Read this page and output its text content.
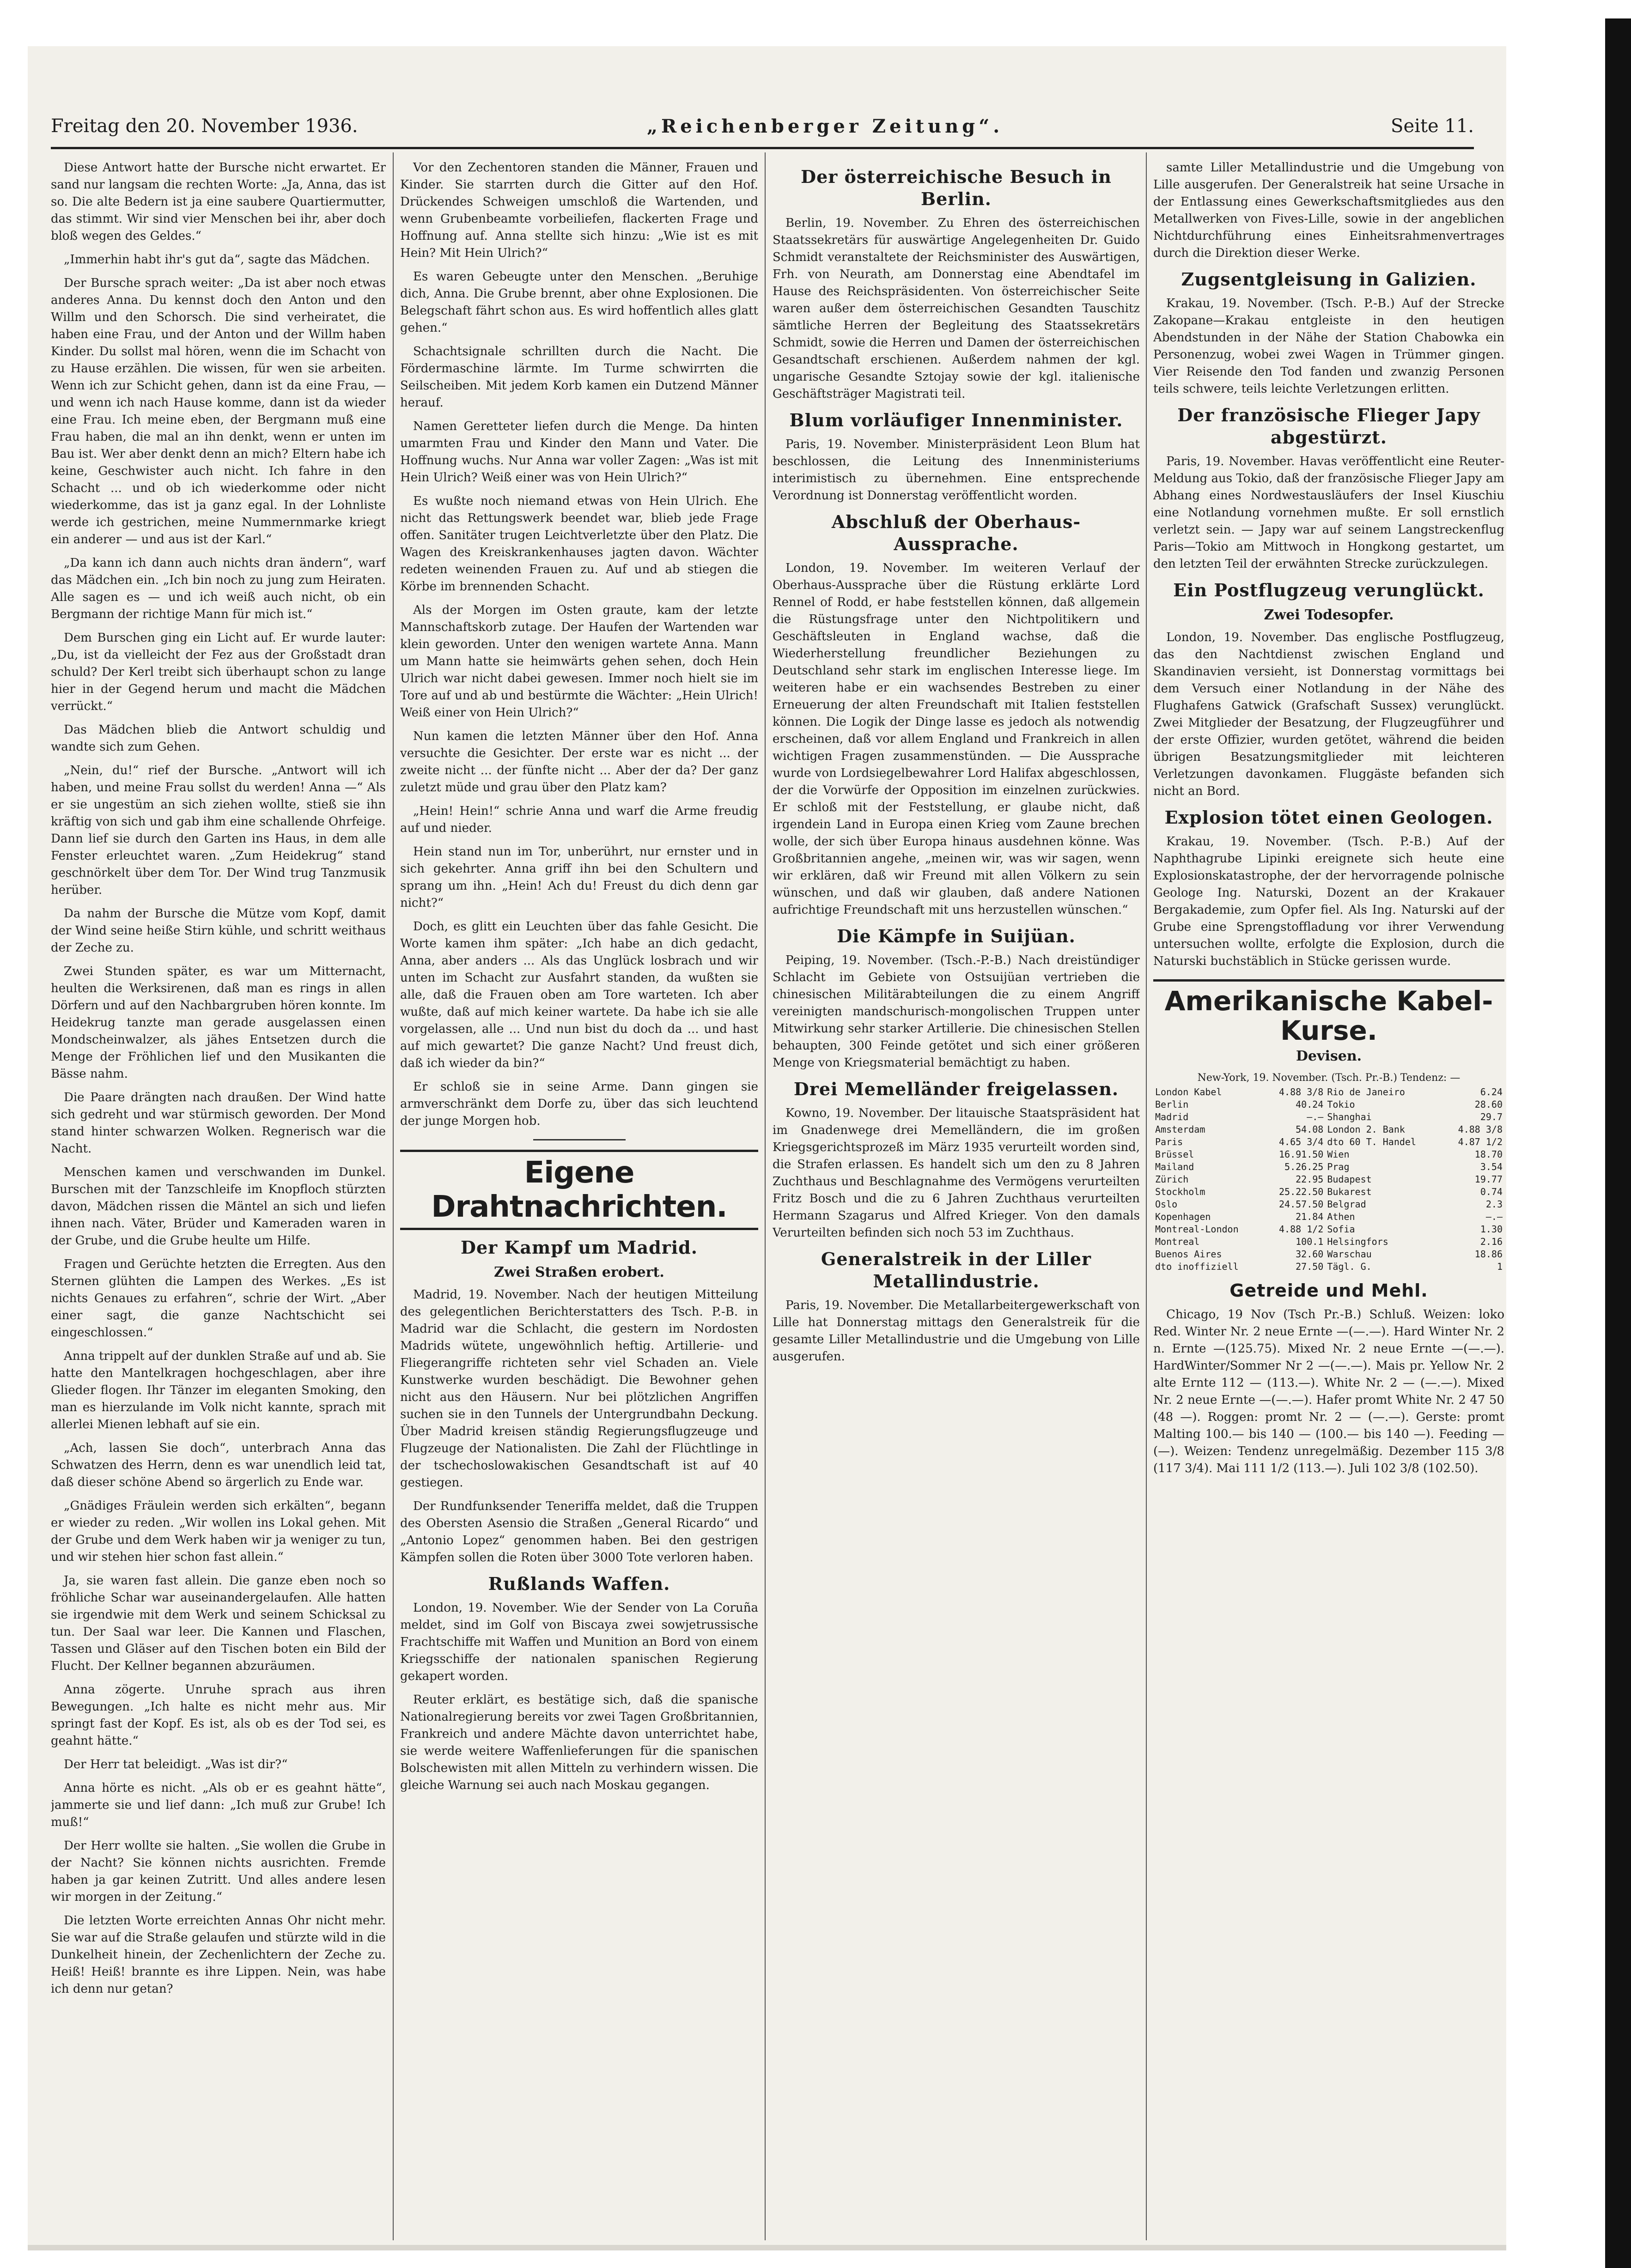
Freitag den 20. November 1936.	„Reichenberger Zeitung“.	Seite 11.

Diese Antwort hatte der Bursche nicht erwartet. Er sand nur langsam die rechten Worte: „Ja, Anna, das ist so. Die alte Bedern ist ja eine saubere Quartiermutter, das stimmt. Wir sind vier Menschen bei ihr, aber doch bloß wegen des Geldes.“

„Immerhin habt ihr's gut da“, sagte das Mädchen.

Der Bursche sprach weiter: „Da ist aber noch etwas anderes Anna. Du kennst doch den Anton und den Willm und den Schorsch. Die sind verheiratet, die haben eine Frau, und der Anton und der Willm haben Kinder. Du sollst mal hören, wenn die im Schacht von zu Hause erzählen. Die wissen, für wen sie arbeiten. Wenn ich zur Schicht gehen, dann ist da eine Frau, — und wenn ich nach Hause komme, dann ist da wieder eine Frau. Ich meine eben, der Bergmann muß eine Frau haben, die mal an ihn denkt, wenn er unten im Bau ist. Wer aber denkt denn an mich? Eltern habe ich keine, Geschwister auch nicht. Ich fahre in den Schacht ... und ob ich wiederkomme oder nicht wiederkomme, das ist ja ganz egal. In der Lohnliste werde ich gestrichen, meine Nummernmarke kriegt ein anderer — und aus ist der Karl.“

„Da kann ich dann auch nichts dran ändern“, warf das Mädchen ein. „Ich bin noch zu jung zum Heiraten. Alle sagen es — und ich weiß auch nicht, ob ein Bergmann der richtige Mann für mich ist.“

Dem Burschen ging ein Licht auf. Er wurde lauter: „Du, ist da vielleicht der Fez aus der Großstadt dran schuld? Der Kerl treibt sich überhaupt schon zu lange hier in der Gegend herum und macht die Mädchen verrückt.“

Das Mädchen blieb die Antwort schuldig und wandte sich zum Gehen.

„Nein, du!“ rief der Bursche. „Antwort will ich haben, und meine Frau sollst du werden! Anna —“ Als er sie ungestüm an sich ziehen wollte, stieß sie ihn kräftig von sich und gab ihm eine schallende Ohrfeige. Dann lief sie durch den Garten ins Haus, in dem alle Fenster erleuchtet waren. „Zum Heidekrug“ stand geschnörkelt über dem Tor. Der Wind trug Tanzmusik herüber.

Da nahm der Bursche die Mütze vom Kopf, damit der Wind seine heiße Stirn kühle, und schritt weithaus der Zeche zu.

Zwei Stunden später, es war um Mitternacht, heulten die Werksirenen, daß man es rings in allen Dörfern und auf den Nachbargruben hören konnte. Im Heidekrug tanzte man gerade ausgelassen einen Mondscheinwalzer, als jähes Entsetzen durch die Menge der Fröhlichen lief und den Musikanten die Bässe nahm.

Die Paare drängten nach draußen. Der Wind hatte sich gedreht und war stürmisch geworden. Der Mond stand hinter schwarzen Wolken. Regnerisch war die Nacht.

Menschen kamen und verschwanden im Dunkel. Burschen mit der Tanzschleife im Knopfloch stürzten davon, Mädchen rissen die Mäntel an sich und liefen ihnen nach. Väter, Brüder und Kameraden waren in der Grube, und die Grube heulte um Hilfe.

Fragen und Gerüchte hetzten die Erregten. Aus den Sternen glühten die Lampen des Werkes. „Es ist nichts Genaues zu erfahren“, schrie der Wirt. „Aber einer sagt, die ganze Nachtschicht sei eingeschlossen.“

Anna trippelt auf der dunklen Straße auf und ab. Sie hatte den Mantelkragen hochgeschlagen, aber ihre Glieder flogen. Ihr Tänzer im eleganten Smoking, den man es hierzulande im Volk nicht kannte, sprach mit allerlei Mienen lebhaft auf sie ein.

„Ach, lassen Sie doch“, unterbrach Anna das Schwatzen des Herrn, denn es war unendlich leid tat, daß dieser schöne Abend so ärgerlich zu Ende war.

„Gnädiges Fräulein werden sich erkälten“, begann er wieder zu reden. „Wir wollen ins Lokal gehen. Mit der Grube und dem Werk haben wir ja weniger zu tun, und wir stehen hier schon fast allein.“

Ja, sie waren fast allein. Die ganze eben noch so fröhliche Schar war auseinandergelaufen. Alle hatten sie irgendwie mit dem Werk und seinem Schicksal zu tun. Der Saal war leer. Die Kannen und Flaschen, Tassen und Gläser auf den Tischen boten ein Bild der Flucht. Der Kellner begannen abzuräumen.

Anna zögerte. Unruhe sprach aus ihren Bewegungen. „Ich halte es nicht mehr aus. Mir springt fast der Kopf. Es ist, als ob es der Tod sei, es geahnt hätte.“

Der Herr tat beleidigt. „Was ist dir?“

Anna hörte es nicht. „Als ob er es geahnt hätte“, jammerte sie und lief dann: „Ich muß zur Grube! Ich muß!“

Der Herr wollte sie halten. „Sie wollen die Grube in der Nacht? Sie können nichts ausrichten. Fremde haben ja gar keinen Zutritt. Und alles andere lesen wir morgen in der Zeitung.“

Die letzten Worte erreichten Annas Ohr nicht mehr. Sie war auf die Straße gelaufen und stürzte wild in die Dunkelheit hinein, der Zechenlichtern der Zeche zu. Heiß! Heiß! brannte es ihre Lippen. Nein, was habe ich denn nur getan?

Vor den Zechentoren standen die Männer, Frauen und Kinder. Sie starrten durch die Gitter auf den Hof. Drückendes Schweigen umschloß die Wartenden, und wenn Grubenbeamte vorbeiliefen, flackerten Frage und Hoffnung auf. Anna stellte sich hinzu: „Wie ist es mit Hein? Mit Hein Ulrich?“

Es waren Gebeugte unter den Menschen. „Beruhige dich, Anna. Die Grube brennt, aber ohne Explosionen. Die Belegschaft fährt schon aus. Es wird hoffentlich alles glatt gehen.“

Schachtsignale schrillten durch die Nacht. Die Fördermaschine lärmte. Im Turme schwirrten die Seilscheiben. Mit jedem Korb kamen ein Dutzend Männer herauf.

Namen Geretteter liefen durch die Menge. Da hinten umarmten Frau und Kinder den Mann und Vater. Die Hoffnung wuchs. Nur Anna war voller Zagen: „Was ist mit Hein Ulrich? Weiß einer was von Hein Ulrich?“

Es wußte noch niemand etwas von Hein Ulrich. Ehe nicht das Rettungswerk beendet war, blieb jede Frage offen. Sanitäter trugen Leichtverletzte über den Platz. Die Wagen des Kreiskrankenhauses jagten davon. Wächter redeten weinenden Frauen zu. Auf und ab stiegen die Körbe im brennenden Schacht.

Als der Morgen im Osten graute, kam der letzte Mannschaftskorb zutage. Der Haufen der Wartenden war klein geworden. Unter den wenigen wartete Anna. Mann um Mann hatte sie heimwärts gehen sehen, doch Hein Ulrich war nicht dabei gewesen. Immer noch hielt sie im Tore auf und ab und bestürmte die Wächter: „Hein Ulrich! Weiß einer von Hein Ulrich?“

Nun kamen die letzten Männer über den Hof. Anna versuchte die Gesichter. Der erste war es nicht ... der zweite nicht ... der fünfte nicht ... Aber der da? Der ganz zuletzt müde und grau über den Platz kam?

„Hein! Hein!“ schrie Anna und warf die Arme freudig auf und nieder.

Hein stand nun im Tor, unberührt, nur ernster und in sich gekehrter. Anna griff ihn bei den Schultern und sprang um ihn. „Hein! Ach du! Freust du dich denn gar nicht?“

Doch, es glitt ein Leuchten über das fahle Gesicht. Die Worte kamen ihm später: „Ich habe an dich gedacht, Anna, aber anders ... Als das Unglück losbrach und wir unten im Schacht zur Ausfahrt standen, da wußten sie alle, daß die Frauen oben am Tore warteten. Ich aber wußte, daß auf mich keiner wartete. Da habe ich sie alle vorgelassen, alle ... Und nun bist du doch da ... und hast auf mich gewartet? Die ganze Nacht? Und freust dich, daß ich wieder da bin?“

Er schloß sie in seine Arme. Dann gingen sie armverschränkt dem Dorfe zu, über das sich leuchtend der junge Morgen hob.

Eigene Drahtnachrichten.
Der Kampf um Madrid.
Zwei Straßen erobert.

Madrid, 19. November. Nach der heutigen Mitteilung des gelegentlichen Berichterstatters des Tsch. P.-B. in Madrid war die Schlacht, die gestern im Nordosten Madrids wütete, ungewöhnlich heftig. Artillerie- und Fliegerangriffe richteten sehr viel Schaden an. Viele Kunstwerke wurden beschädigt. Die Bewohner gehen nicht aus den Häusern. Nur bei plötzlichen Angriffen suchen sie in den Tunnels der Untergrundbahn Deckung. Über Madrid kreisen ständig Regierungsflugzeuge und Flugzeuge der Nationalisten. Die Zahl der Flüchtlinge in der tschechoslowakischen Gesandtschaft ist auf 40 gestiegen.

Der Rundfunksender Teneriffa meldet, daß die Truppen des Obersten Asensio die Straßen „General Ricardo“ und „Antonio Lopez“ genommen haben. Bei den gestrigen Kämpfen sollen die Roten über 3000 Tote verloren haben.

Rußlands Waffen.

London, 19. November. Wie der Sender von La Coruña meldet, sind im Golf von Biscaya zwei sowjetrussische Frachtschiffe mit Waffen und Munition an Bord von einem Kriegsschiffe der nationalen spanischen Regierung gekapert worden.

Reuter erklärt, es bestätige sich, daß die spanische Nationalregierung bereits vor zwei Tagen Großbritannien, Frankreich und andere Mächte davon unterrichtet habe, sie werde weitere Waffenlieferungen für die spanischen Bolschewisten mit allen Mitteln zu verhindern wissen. Die gleiche Warnung sei auch nach Moskau gegangen.

Der österreichische Besuch in Berlin.

Berlin, 19. November. Zu Ehren des österreichischen Staatssekretärs für auswärtige Angelegenheiten Dr. Guido Schmidt veranstaltete der Reichsminister des Auswärtigen, Frh. von Neurath, am Donnerstag eine Abendtafel im Hause des Reichspräsidenten. Von österreichischer Seite waren außer dem österreichischen Gesandten Tauschitz sämtliche Herren der Begleitung des Staatssekretärs Schmidt, sowie die Herren und Damen der österreichischen Gesandtschaft erschienen. Außerdem nahmen der kgl. ungarische Gesandte Sztojay sowie der kgl. italienische Geschäftsträger Magistrati teil.

Blum vorläufiger Innenminister.

Paris, 19. November. Ministerpräsident Leon Blum hat beschlossen, die Leitung des Innenministeriums interimistisch zu übernehmen. Eine entsprechende Verordnung ist Donnerstag veröffentlicht worden.

Abschluß der Oberhaus-Aussprache.

London, 19. November. Im weiteren Verlauf der Oberhaus-Aussprache über die Rüstung erklärte Lord Rennel of Rodd, er habe feststellen können, daß allgemein die Rüstungsfrage unter den Nichtpolitikern und Geschäftsleuten in England wachse, daß die Wiederherstellung freundlicher Beziehungen zu Deutschland sehr stark im englischen Interesse liege. Im weiteren habe er ein wachsendes Bestreben zu einer Erneuerung der alten Freundschaft mit Italien feststellen können. Die Logik der Dinge lasse es jedoch als notwendig erscheinen, daß vor allem England und Frankreich in allen wichtigen Fragen zusammenstünden. — Die Aussprache wurde von Lordsiegelbewahrer Lord Halifax abgeschlossen, der die Vorwürfe der Opposition im einzelnen zurückwies. Er schloß mit der Feststellung, er glaube nicht, daß irgendein Land in Europa einen Krieg vom Zaune brechen wolle, der sich über Europa hinaus ausdehnen könne. Was Großbritannien angehe, „meinen wir, was wir sagen, wenn wir erklären, daß wir Freund mit allen Völkern zu sein wünschen, und daß wir glauben, daß andere Nationen aufrichtige Freundschaft mit uns herzustellen wünschen.“

Die Kämpfe in Suijüan.

Peiping, 19. November. (Tsch.-P.-B.) Nach dreistündiger Schlacht im Gebiete von Ostsuijüan vertrieben die chinesischen Militärabteilungen die zu einem Angriff vereinigten mandschurisch-mongolischen Truppen unter Mitwirkung sehr starker Artillerie. Die chinesischen Stellen behaupten, 300 Feinde getötet und sich einer größeren Menge von Kriegsmaterial bemächtigt zu haben.

Drei Memelländer freigelassen.

Kowno, 19. November. Der litauische Staatspräsident hat im Gnadenwege drei Memelländern, die im großen Kriegsgerichtsprozeß im März 1935 verurteilt worden sind, die Strafen erlassen. Es handelt sich um den zu 8 Jahren Zuchthaus und Beschlagnahme des Vermögens verurteilten Fritz Bosch und die zu 6 Jahren Zuchthaus verurteilten Hermann Szagarus und Alfred Krieger. Von den damals Verurteilten befinden sich noch 53 im Zuchthaus.

Generalstreik in der Liller Metallindustrie.

Paris, 19. November. Die Metallarbeitergewerkschaft von Lille hat Donnerstag mittags den Generalstreik für die gesamte Liller Metallindustrie und die Umgebung von Lille ausgerufen.

samte Liller Metallindustrie und die Umgebung von Lille ausgerufen. Der Generalstreik hat seine Ursache in der Entlassung eines Gewerkschaftsmitgliedes aus den Metallwerken von Fives-Lille, sowie in der angeblichen Nichtdurchführung eines Einheitsrahmenvertrages durch die Direktion dieser Werke.

Zugsentgleisung in Galizien.

Krakau, 19. November. (Tsch. P.-B.) Auf der Strecke Zakopane—Krakau entgleiste in den heutigen Abendstunden in der Nähe der Station Chabowka ein Personenzug, wobei zwei Wagen in Trümmer gingen. Vier Reisende den Tod fanden und zwanzig Personen teils schwere, teils leichte Verletzungen erlitten.

Der französische Flieger Japy abgestürzt.

Paris, 19. November. Havas veröffentlicht eine Reuter-Meldung aus Tokio, daß der französische Flieger Japy am Abhang eines Nordwestausläufers der Insel Kiuschiu eine Notlandung vornehmen mußte. Er soll ernstlich verletzt sein. — Japy war auf seinem Langstreckenflug Paris—Tokio am Mittwoch in Hongkong gestartet, um den letzten Teil der erwähnten Strecke zurückzulegen.

Ein Postflugzeug verunglückt.
Zwei Todesopfer.

London, 19. November. Das englische Postflugzeug, das den Nachtdienst zwischen England und Skandinavien versieht, ist Donnerstag vormittags bei dem Versuch einer Notlandung in der Nähe des Flughafens Gatwick (Grafschaft Sussex) verunglückt. Zwei Mitglieder der Besatzung, der Flugzeugführer und der erste Offizier, wurden getötet, während die beiden übrigen Besatzungsmitglieder mit leichteren Verletzungen davonkamen. Fluggäste befanden sich nicht an Bord.

Explosion tötet einen Geologen.

Krakau, 19. November. (Tsch. P.-B.) Auf der Naphthagrube Lipinki ereignete sich heute eine Explosionskatastrophe, der der hervorragende polnische Geologe Ing. Naturski, Dozent an der Krakauer Bergakademie, zum Opfer fiel. Als Ing. Naturski auf der Grube eine Sprengstoffladung vor ihrer Verwendung untersuchen wollte, erfolgte die Explosion, durch die Naturski buchstäblich in Stücke gerissen wurde.

Amerikanische Kabel-Kurse.
Devisen.
New-York, 19. November. (Tsch. Pr.-B.) Tendenz: —
London Kabel	4.88 3/8	Rio de Janeiro	6.24
Berlin	40.24	Tokio	28.60
Madrid	—.—	Shanghai	29.7
Amsterdam	54.08	London 2. Bank	4.88 3/8
Paris	4.65 3/4	dto 60 T. Handel	4.87 1/2
Brüssel	16.91.50	Wien	18.70
Mailand	5.26.25	Prag	3.54
Zürich	22.95	Budapest	19.77
Stockholm	25.22.50	Bukarest	0.74
Oslo	24.57.50	Belgrad	2.3
Kopenhagen	21.84	Athen	—.—
Montreal-London	4.88 1/2	Sofia	1.30
Montreal	100.1	Helsingfors	2.16
Buenos Aires	32.60	Warschau	18.86
dto inoffiziell	27.50	Tägl. G.	1
Getreide und Mehl.

Chicago, 19 Nov (Tsch Pr.-B.) Schluß. Weizen: loko Red. Winter Nr. 2 neue Ernte —(—.—). Hard Winter Nr. 2 n. Ernte —(125.75). Mixed Nr. 2 neue Ernte —(—.—). HardWinter/Sommer Nr 2 —(—.—). Mais pr. Yellow Nr. 2 alte Ernte 112 — (113.—). White Nr. 2 — (—.—). Mixed Nr. 2 neue Ernte —(—.—). Hafer promt White Nr. 2 47 50 (48 —). Roggen: promt Nr. 2 — (—.—). Gerste: promt Malting 100.— bis 140 — (100.— bis 140 —). Feeding — (—). Weizen: Tendenz unregelmäßig. Dezember 115 3/8 (117 3/4). Mai 111 1/2 (113.—). Juli 102 3/8 (102.50).
